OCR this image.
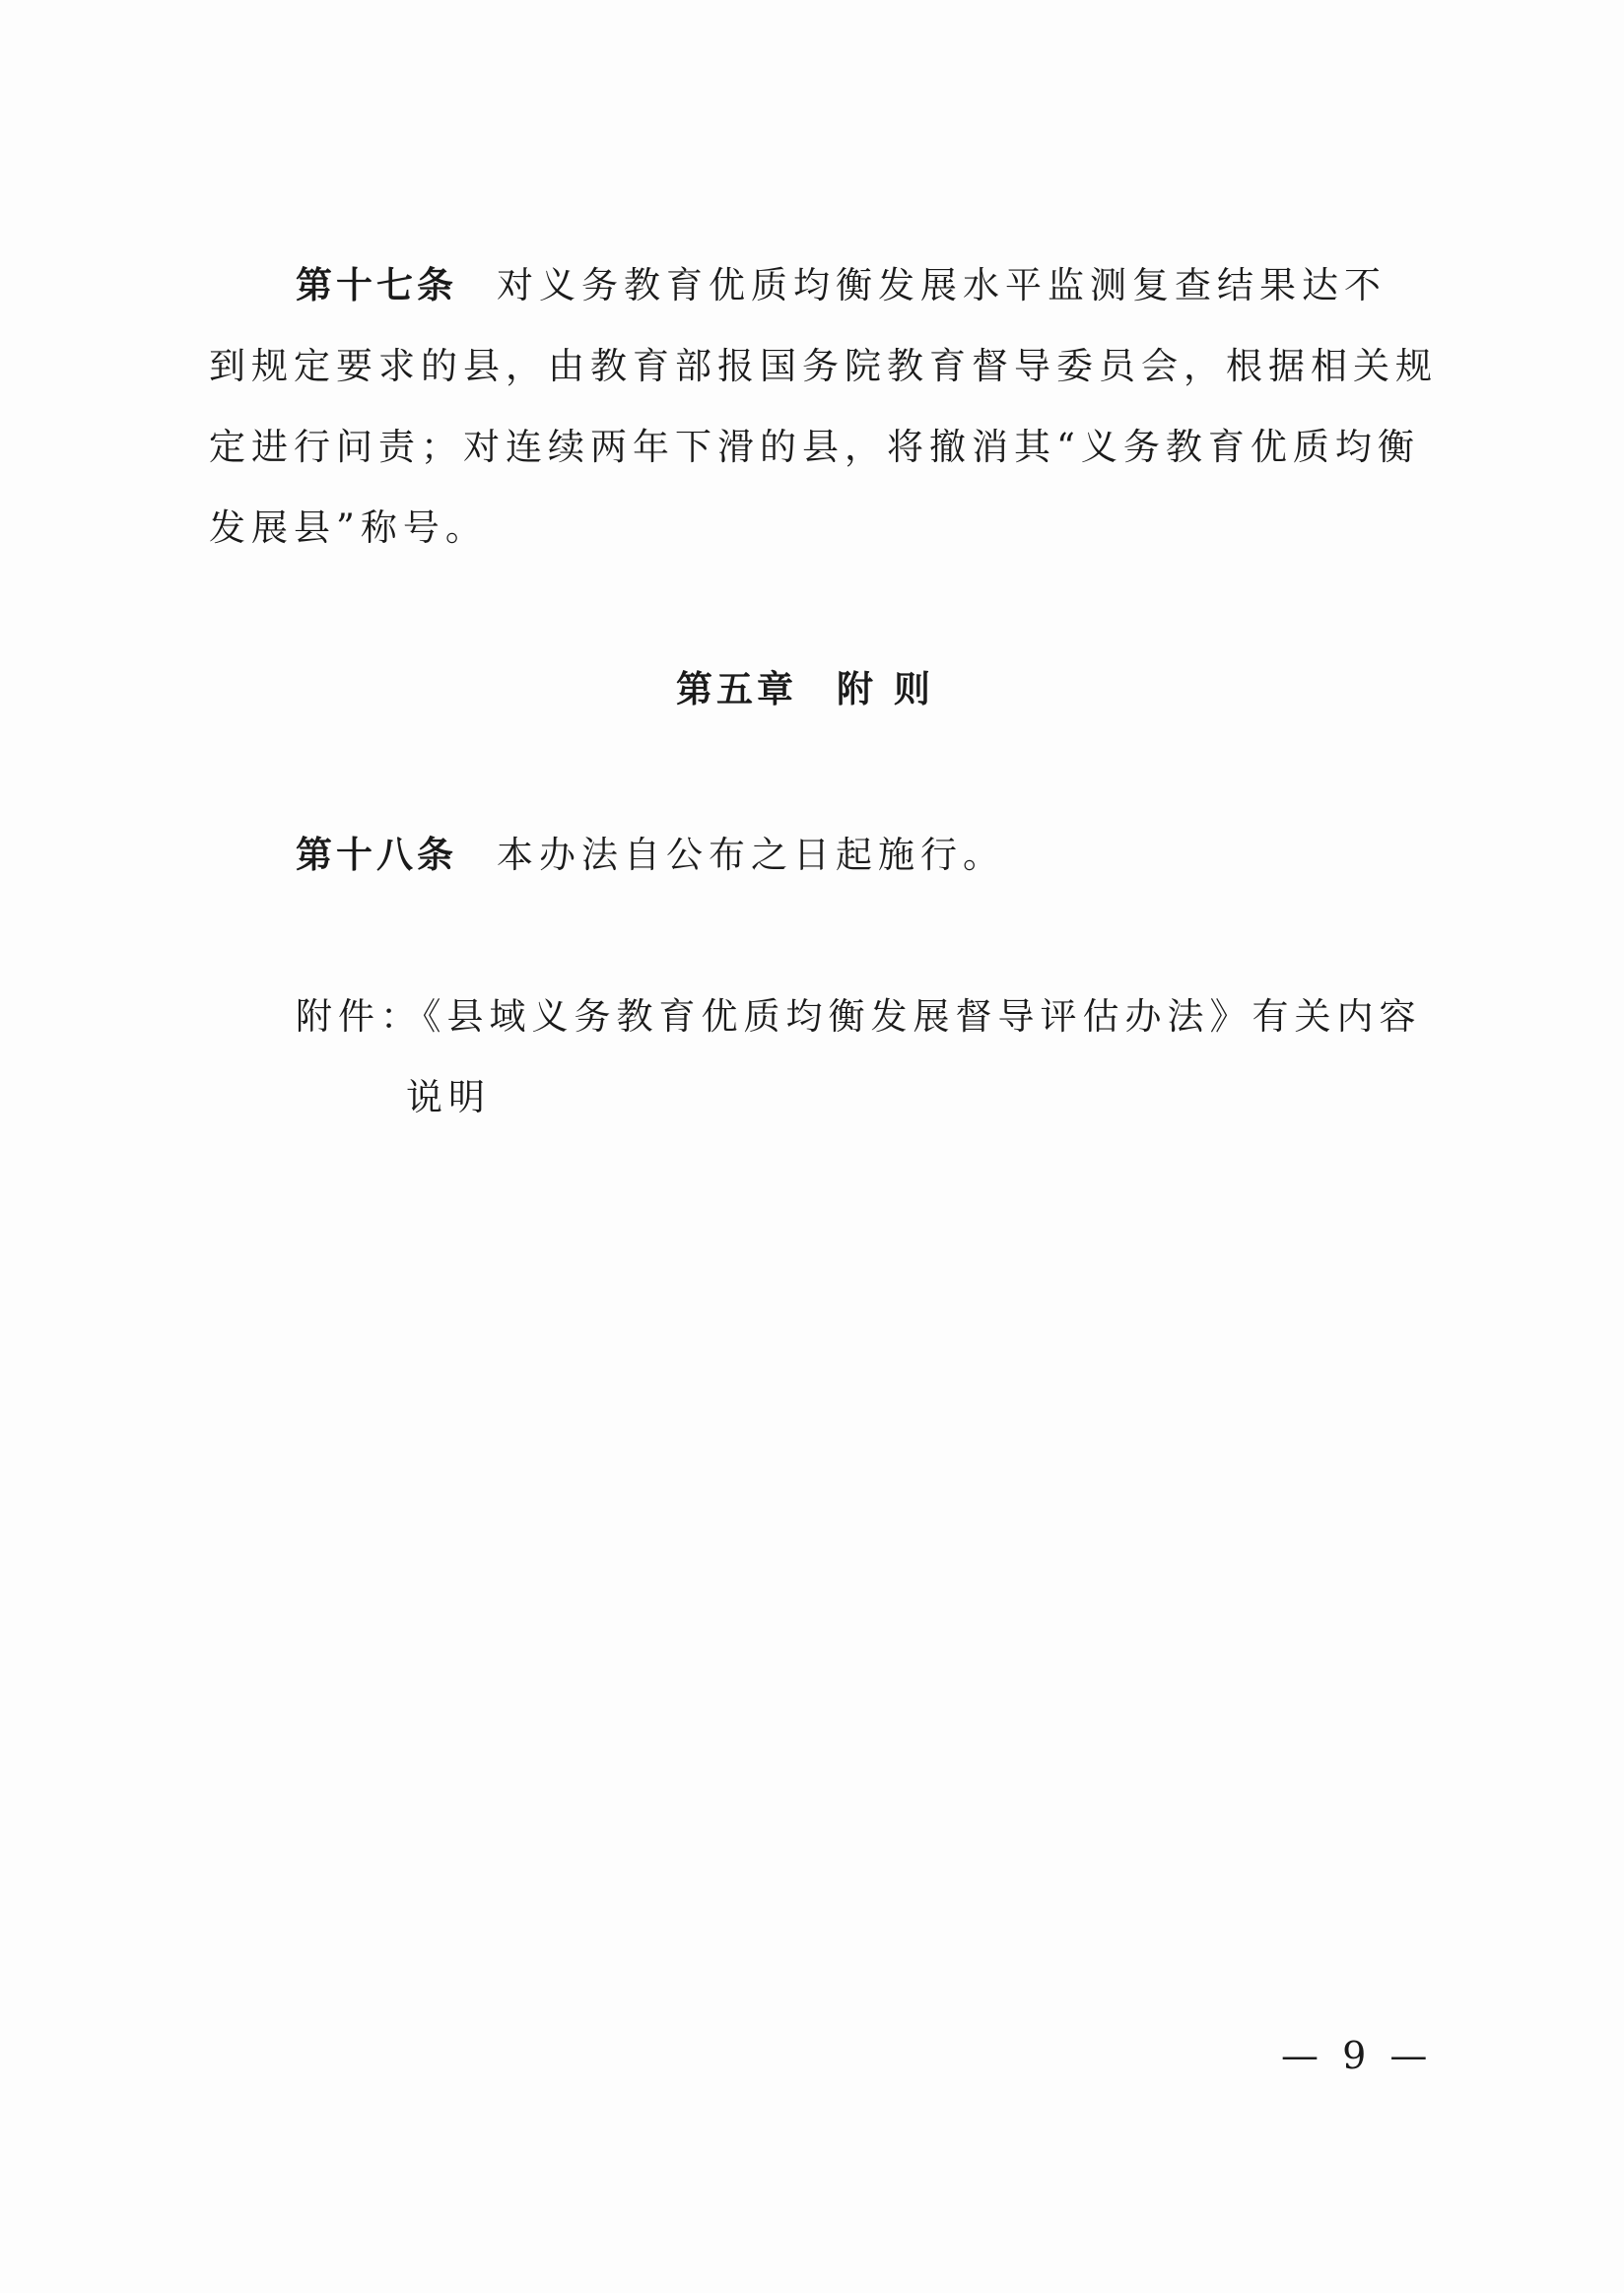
第十七条 对义务教育优质均衡发展水平监测复查结果达不
到规定要求的县，由教育部报国务院教育督导委员会，根据相关规
定进行问责；对连续两年下滑的县，将撤消其“义务教育优质均衡
发展县”称号。
第五章 附 则
第十八条 本办法自公布之日起施行。
附件：《县域义务教育优质均衡发展督导评估办法》有关内容
说明
— 9 —
